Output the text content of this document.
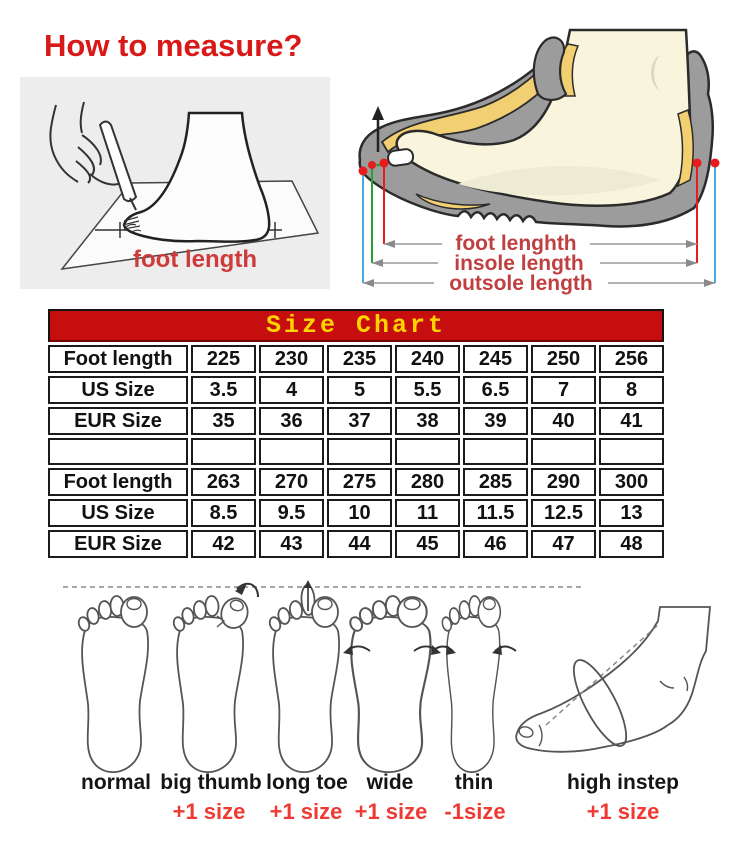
How to measure?
foot length
foot lenghth
insole length
outsole length
Size Chart							
Foot length	225	230	235	240	245	250	256
US Size	3.5	4	5	5.5	6.5	7	8
EUR Size	35	36	37	38	39	40	41

Foot length	263	270	275	280	285	290	300
US Size	8.5	9.5	10	11	11.5	12.5	13
EUR Size	42	43	44	45	46	47	48
normal big thumb long toe wide thin	high instep
+1 size +1 size +1 size -1size	+1 size
